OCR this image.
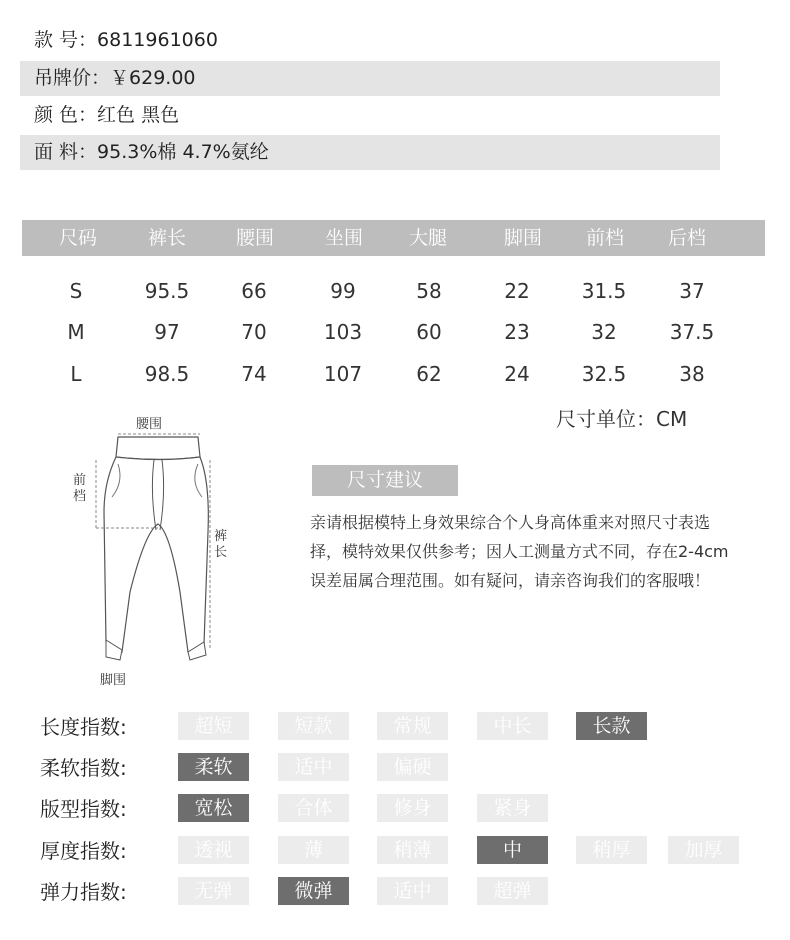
款 号：6811961060
吊牌价：￥629.00
颜 色：红色 黑色
面 料：95.3%棉 4.7%氨纶
尺码	裤长	腰围	坐围	大腿	脚围	前档	后档
S	95.5	66	99	58	22	31.5	37
M	97	70	103	60	23	32	37.5
L	98.5	74	107	62	24	32.5	38
尺寸单位：CM
腰围
前
档
裤
长
脚围
尺寸建议
亲请根据模特上身效果综合个人身高体重来对照尺寸表选择，模特效果仅供参考；因人工测量方式不同，存在2-4cm误差届属合理范围。如有疑问，请亲咨询我们的客服哦！
长度指数:	超短	短款	常规	中长	长款
柔软指数:	柔软	适中	偏硬
版型指数:	宽松	合体	修身	紧身
厚度指数:	透视	薄	稍薄	中	稍厚	加厚
弹力指数:	无弹	微弹	适中	超弹
